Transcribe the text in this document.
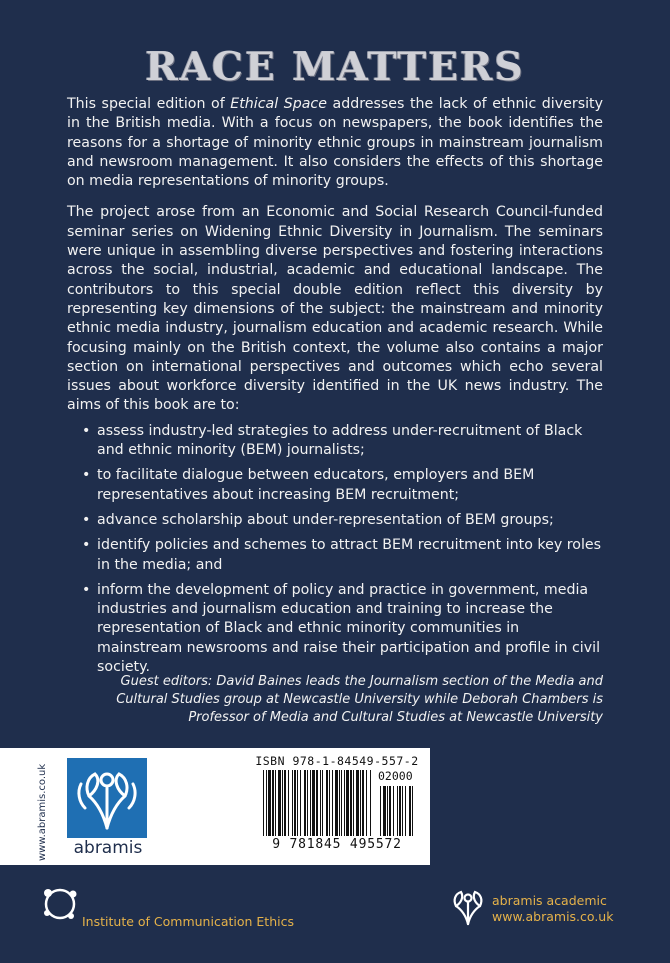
RACE MATTERS

This special edition of Ethical Space addresses the lack of ethnic diversity in the British media. With a focus on newspapers, the book identifies the reasons for a shortage of minority ethnic groups in mainstream journalism and newsroom management. It also considers the effects of this shortage on media representations of minority groups.

The project arose from an Economic and Social Research Council-funded seminar series on Widening Ethnic Diversity in Journalism. The seminars were unique in assembling diverse perspectives and fostering interactions across the social, industrial, academic and educational landscape. The contributors to this special double edition reflect this diversity by representing key dimensions of the subject: the mainstream and minority ethnic media industry, journalism education and academic research. While focusing mainly on the British context, the volume also contains a major section on international perspectives and outcomes which echo several issues about workforce diversity identified in the UK news industry. The aims of this book are to:

• assess industry-led strategies to address under-recruitment of Black and ethnic minority (BEM) journalists;
• to facilitate dialogue between educators, employers and BEM representatives about increasing BEM recruitment;
• advance scholarship about under-representation of BEM groups;
• identify policies and schemes to attract BEM recruitment into key roles in the media; and
• inform the development of policy and practice in government, media industries and journalism education and training to increase the representation of Black and ethnic minority communities in mainstream newsrooms and raise their participation and profile in civil society.
Guest editors: David Baines leads the Journalism section of the Media and Cultural Studies group at Newcastle University while Deborah Chambers is Professor of Media and Cultural Studies at Newcastle University
www.abramis.co.uk	abramis
ISBN 978-1-84549-557-2
02000
9 781845 495572
Institute of Communication Ethics
abramis academic
www.abramis.co.uk
